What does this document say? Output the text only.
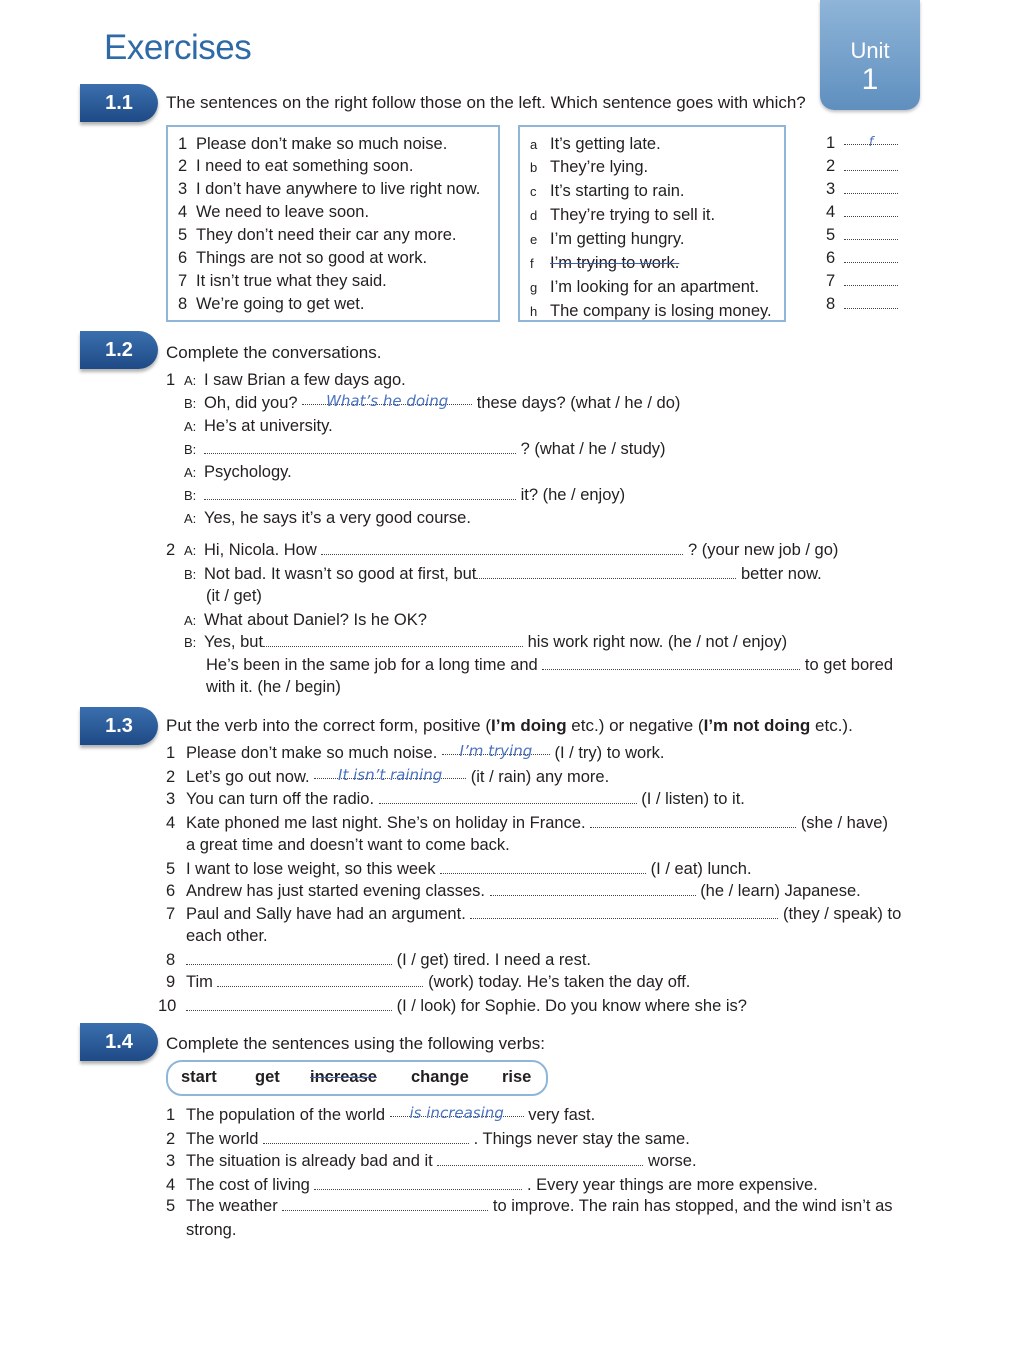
Exercises	Unit
1
1.1	The sentences on the right follow those on the left. Which sentence goes with which?
1 Please don’t make so much noise.
2 I need to eat something soon.
3 I don’t have anywhere to live right now.
4 We need to leave soon.
5 They don’t need their car any more.
6 Things are not so good at work.
7 It isn’t true what they said.
8 We’re going to get wet.
a It’s getting late.
b They’re lying.
c It’s starting to rain.
d They’re trying to sell it.
e I’m getting hungry.
f I’m trying to work.
g I’m looking for an apartment.
h The company is losing money.
1	f
2
3
4
5
6
7
8
1.2	Complete the conversations.
1 A: I saw Brian a few days ago.
B: Oh, did you? What’s he doing these days? (what / he / do)
A: He’s at university.
B:	? (what / he / study)
A: Psychology.
B:	it? (he / enjoy)
A: Yes, he says it’s a very good course.
2 A: Hi, Nicola. How	? (your new job / go)
B: Not bad. It wasn’t so good at first, but	better now.
(it / get)
A: What about Daniel? Is he OK?
B: Yes, but	his work right now. (he / not / enjoy)
He’s been in the same job for a long time and	to get bored
with it. (he / begin)
1.3	Put the verb into the correct form, positive (I’m doing etc.) or negative (I’m not doing etc.).
1 Please don’t make so much noise. I’m trying (I / try) to work.
2 Let’s go out now. It isn’t raining (it / rain) any more.
3 You can turn off the radio.	(I / listen) to it.
4 Kate phoned me last night. She’s on holiday in France.	(she / have)
a great time and doesn’t want to come back.
5 I want to lose weight, so this week	(I / eat) lunch.
6 Andrew has just started evening classes.	(he / learn) Japanese.
7 Paul and Sally have had an argument.	(they / speak) to
each other.
8	(I / get) tired. I need a rest.
9 Tim	(work) today. He’s taken the day off.
10	(I / look) for Sophie. Do you know where she is?
1.4	Complete the sentences using the following verbs:
start get increase change rise
1 The population of the world is increasing very fast.
2 The world	. Things never stay the same.
3 The situation is already bad and it	worse.
4 The cost of living	. Every year things are more expensive.
5 The weather	to improve. The rain has stopped, and the wind isn’t as
strong.
